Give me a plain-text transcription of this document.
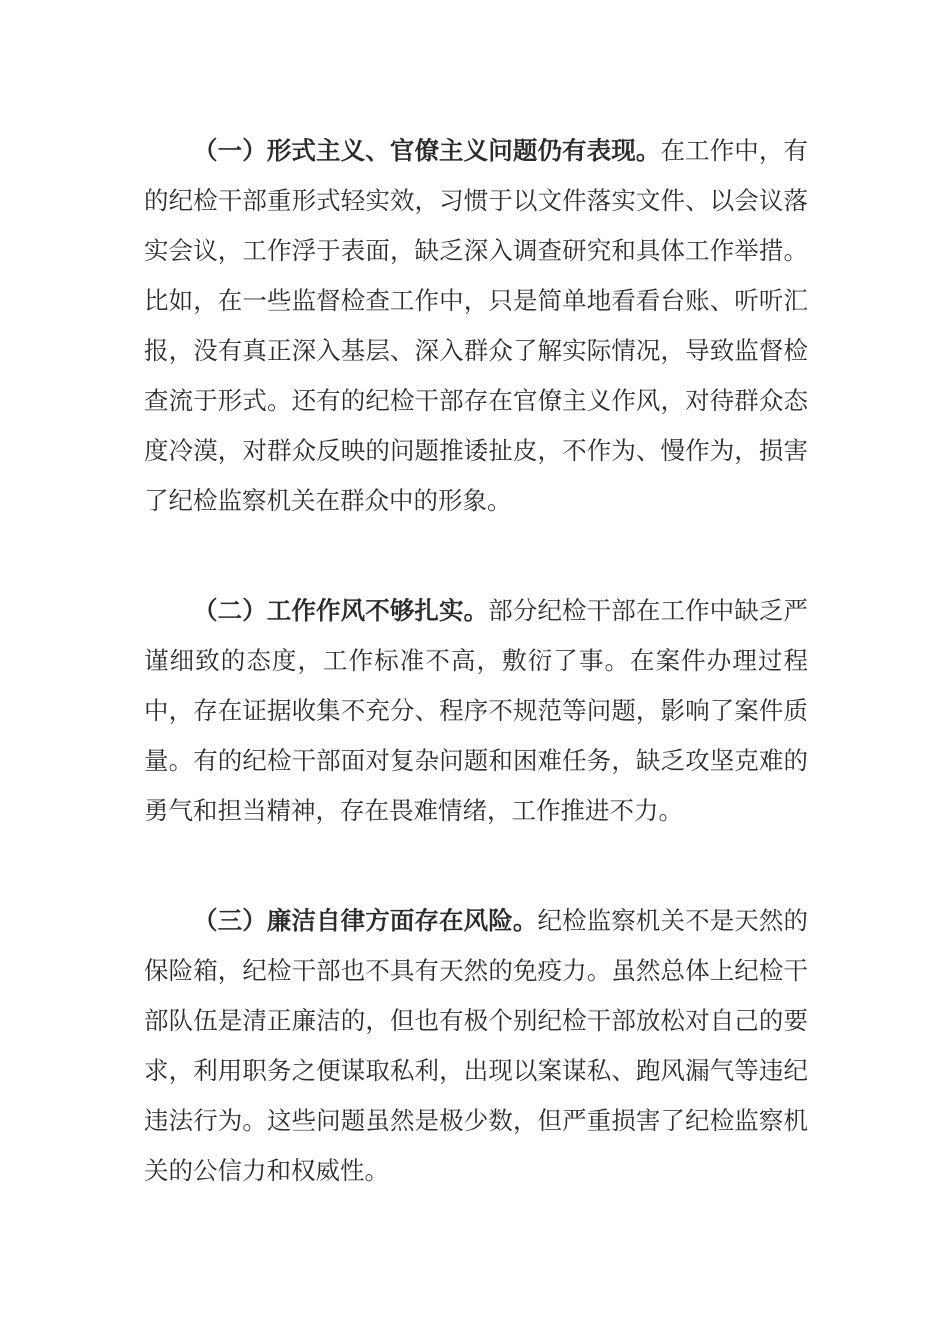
（一）形式主义、官僚主义问题仍有表现。在工作中，有的纪检干部重形式轻实效，习惯于以文件落实文件、以会议落实会议，工作浮于表面，缺乏深入调查研究和具体工作举措。比如，在一些监督检查工作中，只是简单地看看台账、听听汇报，没有真正深入基层、深入群众了解实际情况，导致监督检查流于形式。还有的纪检干部存在官僚主义作风，对待群众态度冷漠，对群众反映的问题推诿扯皮，不作为、慢作为，损害了纪检监察机关在群众中的形象。

（二）工作作风不够扎实。部分纪检干部在工作中缺乏严谨细致的态度，工作标准不高，敷衍了事。在案件办理过程中，存在证据收集不充分、程序不规范等问题，影响了案件质量。有的纪检干部面对复杂问题和困难任务，缺乏攻坚克难的勇气和担当精神，存在畏难情绪，工作推进不力。

（三）廉洁自律方面存在风险。纪检监察机关不是天然的保险箱，纪检干部也不具有天然的免疫力。虽然总体上纪检干部队伍是清正廉洁的，但也有极个别纪检干部放松对自己的要求，利用职务之便谋取私利，出现以案谋私、跑风漏气等违纪违法行为。这些问题虽然是极少数，但严重损害了纪检监察机关的公信力和权威性。
